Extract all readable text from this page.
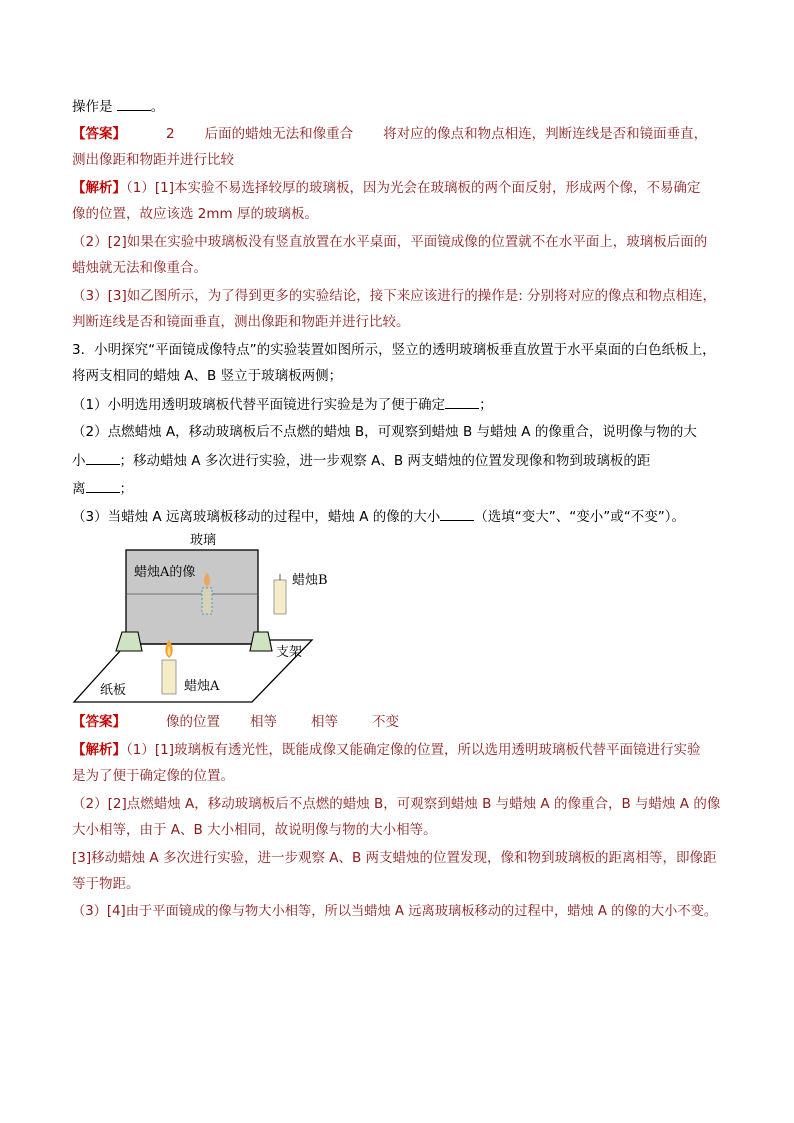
操作是	。
【答案】	2 后面的蜡烛无法和像重合 将对应的像点和物点相连，判断连线是否和镜面垂直，
测出像距和物距并进行比较
【解析】（1）[1]本实验不易选择较厚的玻璃板，因为光会在玻璃板的两个面反射，形成两个像，不易确定
像的位置，故应该选 2mm 厚的玻璃板。
（2）[2]如果在实验中玻璃板没有竖直放置在水平桌面，平面镜成像的位置就不在水平面上，玻璃板后面的
蜡烛就无法和像重合。
（3）[3]如乙图所示，为了得到更多的实验结论，接下来应该进行的操作是: 分别将对应的像点和物点相连，
判断连线是否和镜面垂直，测出像距和物距并进行比较。
3．小明探究“平面镜成像特点”的实验装置如图所示，竖立的透明玻璃板垂直放置于水平桌面的白色纸板上，
将两支相同的蜡烛 A、B 竖立于玻璃板两侧；
（1）小明选用透明玻璃板代替平面镜进行实验是为了便于确定	；
（2）点燃蜡烛 A，移动玻璃板后不点燃的蜡烛 B，可观察到蜡烛 B 与蜡烛 A 的像重合，说明像与物的大
小	；移动蜡烛 A 多次进行实验，进一步观察 A、B 两支蜡烛的位置发现像和物到玻璃板的距
离	；
（3）当蜡烛 A 远离玻璃板移动的过程中，蜡烛 A 的像的大小	（选填“变大”、“变小”或“不变”）。
玻璃
蜡烛A的像
蜡烛B
支架
纸板	蜡烛A
【答案】	像的位置 相等	相等	不变
【解析】（1）[1]玻璃板有透光性，既能成像又能确定像的位置，所以选用透明玻璃板代替平面镜进行实验
是为了便于确定像的位置。
（2）[2]点燃蜡烛 A，移动玻璃板后不点燃的蜡烛 B，可观察到蜡烛 B 与蜡烛 A 的像重合，B 与蜡烛 A 的像
大小相等，由于 A、B 大小相同，故说明像与物的大小相等。
[3]移动蜡烛 A 多次进行实验，进一步观察 A、B 两支蜡烛的位置发现，像和物到玻璃板的距离相等，即像距
等于物距。
（3）[4]由于平面镜成的像与物大小相等，所以当蜡烛 A 远离玻璃板移动的过程中，蜡烛 A 的像的大小不变。
